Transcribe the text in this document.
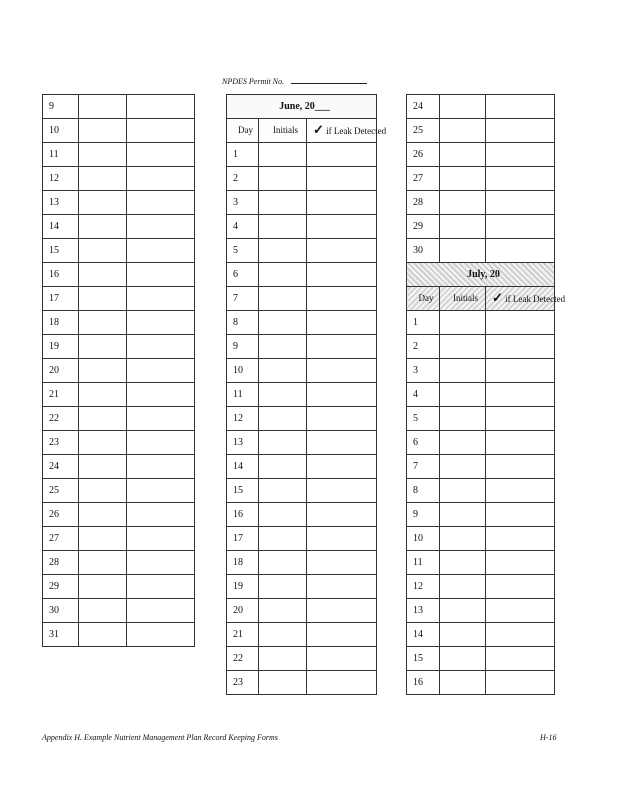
NPDES Permit No.
9		
10		
11		
12		
13		
14		
15		
16		
17		
18		
19		
20		
21		
22		
23		
24		
25		
26		
27		
28		
29		
30		
31		
June, 20___		
Day	Initials	✓ if Leak Detected
1		
2		
3		
4		
5		
6		
7		
8		
9		
10		
11		
12		
13		
14		
15		
16		
17		
18		
19		
20		
21		
22		
23		
24		
25		
26		
27		
28		
29		
30		
July, 20		
Day	Initials	✓ if Leak Detected
1		
2		
3		
4		
5		
6		
7		
8		
9		
10		
11		
12		
13		
14		
15		
16		
Appendix H. Example Nutrient Management Plan Record Keeping Forms	H-16
